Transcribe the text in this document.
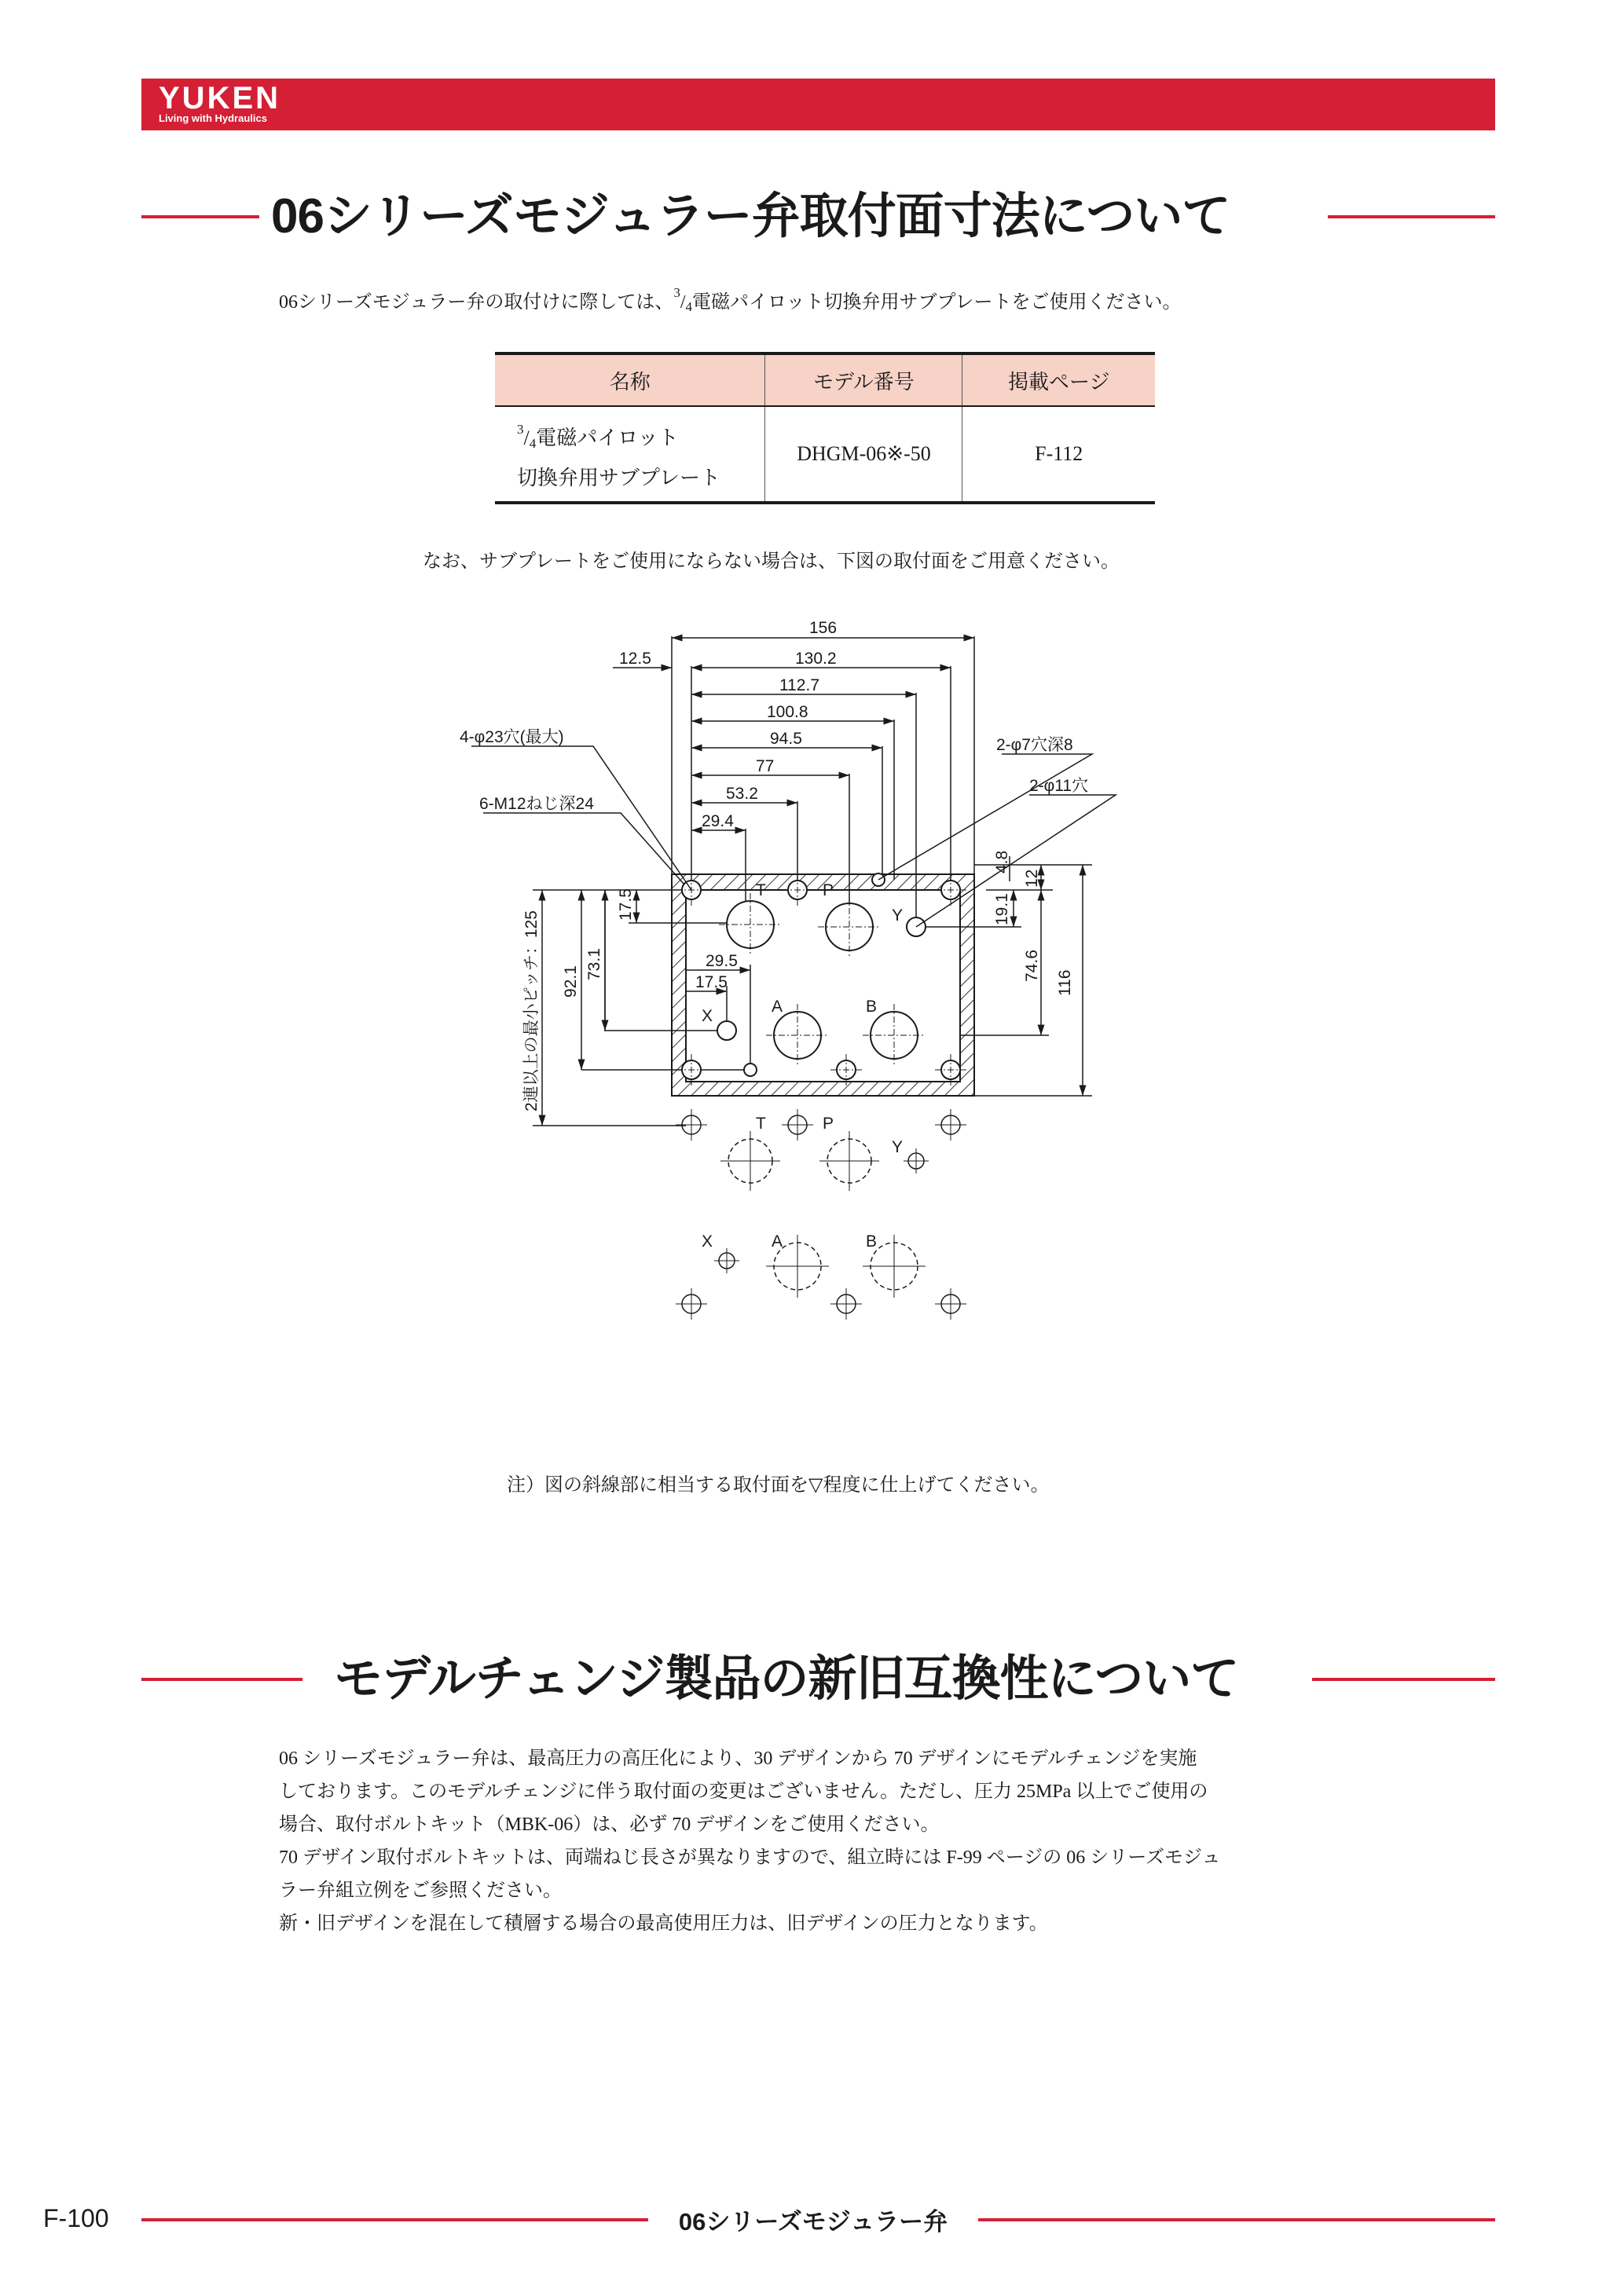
YUKEN
Living with Hydraulics
06シリーズモジュラー弁取付面寸法について
06シリーズモジュラー弁の取付けに際しては、$^3/_4$電磁パイロット切換弁用サブプレートをご使用ください。
名称	モデル番号	掲載ページ
$^3/_4$電磁パイロット
切換弁用サブプレート	DHGM-06※-50	F-112
なお、サブプレートをご使用にならない場合は、下図の取付面をご用意ください。
156
12.5	130.2
112.7
100.8
94.5
77
53.2
29.4
29.5
17.5
17.5
73.1
92.1
2連以上の最小ピッチ：125
4.8
12
19.1
74.6
116
4-φ23穴(最大)
6-M12ねじ深24
2-φ7穴深8
2-φ11穴
T	P
Y
X
A	B
T	P
Y
X	A	B
注）図の斜線部に相当する取付面を▽程度に仕上げてください。
モデルチェンジ製品の新旧互換性について
06 シリーズモジュラー弁は、最高圧力の高圧化により、30 デザインから 70 デザインにモデルチェンジを実施
しております。このモデルチェンジに伴う取付面の変更はございません。ただし、圧力 25MPa 以上でご使用の
場合、取付ボルトキット（MBK-06）は、必ず 70 デザインをご使用ください。
70 デザイン取付ボルトキットは、両端ねじ長さが異なりますので、組立時には F-99 ページの 06 シリーズモジュ
ラー弁組立例をご参照ください。
新・旧デザインを混在して積層する場合の最高使用圧力は、旧デザインの圧力となります。
F-100	06シリーズモジュラー弁
